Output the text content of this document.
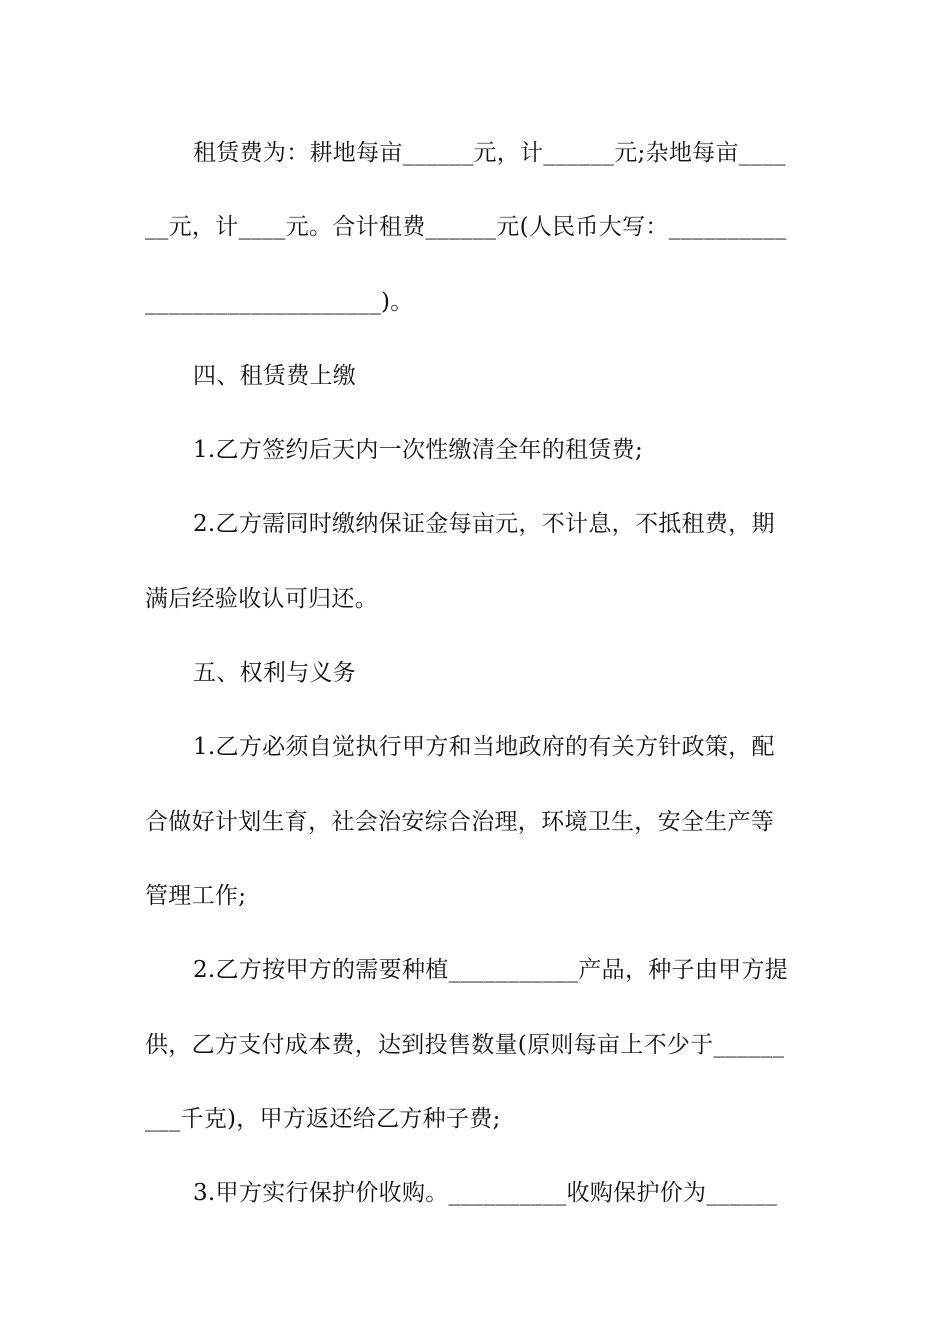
租赁费为：耕地每亩______元，计______元;杂地每亩____
__元，计____元。合计租费______元(人民币大写：__________
____________________)。
四、租赁费上缴
1.乙方签约后天内一次性缴清全年的租赁费;
2.乙方需同时缴纳保证金每亩元，不计息，不抵租费，期
满后经验收认可归还。
五、权利与义务
1.乙方必须自觉执行甲方和当地政府的有关方针政策，配
合做好计划生育，社会治安综合治理，环境卫生，安全生产等
管理工作;
2.乙方按甲方的需要种植___________产品，种子由甲方提
供，乙方支付成本费，达到投售数量(原则每亩上不少于______
___千克)，甲方返还给乙方种子费;
3.甲方实行保护价收购。__________收购保护价为______
